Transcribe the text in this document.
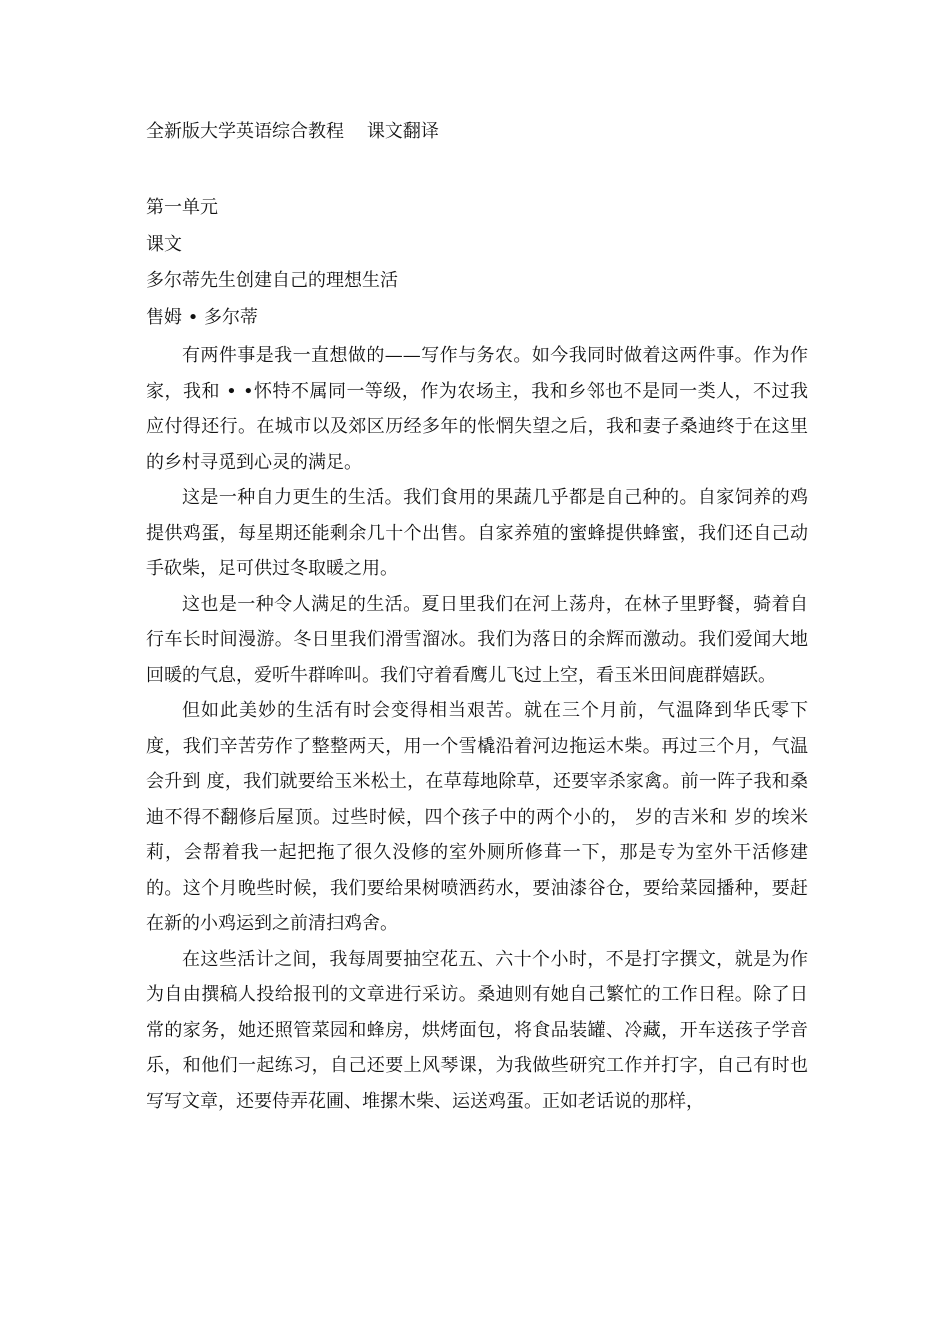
全新版大学英语综合教程    课文翻译
第一单元
课文
多尔蒂先生创建自己的理想生活
售姆 • 多尔蒂

有两件事是我一直想做的——写作与务农。如今我同时做着这两件事。作为作家，我和 • •怀特不属同一等级，作为农场主，我和乡邻也不是同一类人，不过我应付得还行。在城市以及郊区历经多年的怅惘失望之后，我和妻子桑迪终于在这里的乡村寻觅到心灵的满足。

这是一种自力更生的生活。我们食用的果蔬几乎都是自己种的。自家饲养的鸡提供鸡蛋，每星期还能剩余几十个出售。自家养殖的蜜蜂提供蜂蜜，我们还自己动手砍柴，足可供过冬取暖之用。

这也是一种令人满足的生活。夏日里我们在河上荡舟，在林子里野餐，骑着自行车长时间漫游。冬日里我们滑雪溜冰。我们为落日的余辉而激动。我们爱闻大地回暖的气息，爱听牛群哞叫。我们守着看鹰儿飞过上空，看玉米田间鹿群嬉跃。

但如此美妙的生活有时会变得相当艰苦。就在三个月前，气温降到华氏零下 度，我们辛苦劳作了整整两天，用一个雪橇沿着河边拖运木柴。再过三个月，气温会升到 度，我们就要给玉米松土，在草莓地除草，还要宰杀家禽。前一阵子我和桑迪不得不翻修后屋顶。过些时候，四个孩子中的两个小的， 岁的吉米和 岁的埃米莉，会帮着我一起把拖了很久没修的室外厕所修葺一下，那是专为室外干活修建的。这个月晚些时候，我们要给果树喷洒药水，要油漆谷仓，要给菜园播种，要赶在新的小鸡运到之前清扫鸡舍。

在这些活计之间，我每周要抽空花五、六十个小时，不是打字撰文，就是为作为自由撰稿人投给报刊的文章进行采访。桑迪则有她自己繁忙的工作日程。除了日常的家务，她还照管菜园和蜂房，烘烤面包，将食品装罐、冷藏，开车送孩子学音乐，和他们一起练习，自己还要上风琴课，为我做些研究工作并打字，自己有时也写写文章，还要侍弄花圃、堆摞木柴、运送鸡蛋。正如老话说的那样，
